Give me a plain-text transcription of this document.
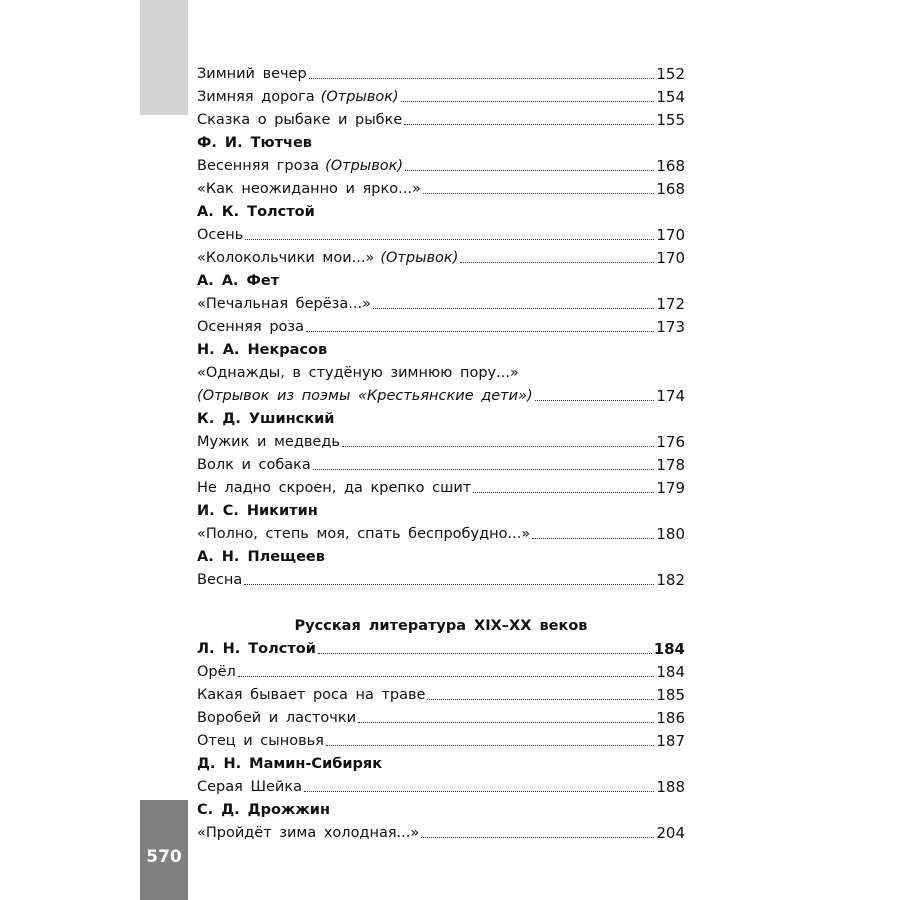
570
Зимний вечер	152
Зимняя дорога (Отрывок)	154
Сказка о рыбаке и рыбке	155
Ф. И. Тютчев
Весенняя гроза (Отрывок)	168
«Как неожиданно и ярко...»	168
А. К. Толстой
Осень	170
«Колокольчики мои...» (Отрывок)	170
А. А. Фет
«Печальная берёза...»	172
Осенняя роза	173
Н. А. Некрасов
«Однажды, в студёную зимнюю пору...»
(Отрывок из поэмы «Крестьянские дети»)	174
К. Д. Ушинский
Мужик и медведь	176
Волк и собака	178
Не ладно скроен, да крепко сшит	179
И. С. Никитин
«Полно, степь моя, спать беспробудно...»	180
А. Н. Плещеев
Весна	182
Русская литература XIX–XX веков
Л. Н. Толстой	184
Орёл	184
Какая бывает роса на траве	185
Воробей и ласточки	186
Отец и сыновья	187
Д. Н. Мамин-Сибиряк
Серая Шейка	188
С. Д. Дрожжин
«Пройдёт зима холодная...»	204
